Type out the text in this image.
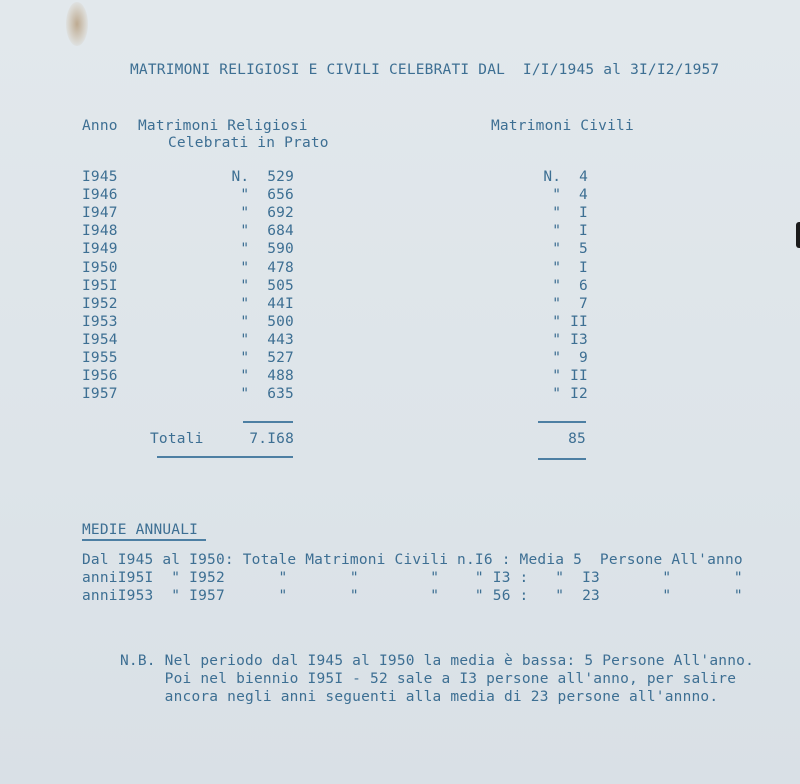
MATRIMONI RELIGIOSI E CIVILI CELEBRATI DAL  I/I/1945 al 3I/I2/1957
Anno Matrimoni Religiosi
Celebrati in Prato
Matrimoni Civili
I945	N.  529	N.  4
I946	"  656	"  4
I947	"  692	"  I
I948	"  684	"  I
I949	"  590	"  5
I950	"  478	"  I
I95I	"  505	"  6
I952	"  44I	"  7
I953	"  500	" II
I954	"  443	" I3
I955	"  527	"  9
I956	"  488	" II
I957	"  635	" I2
Totali	7.I68	85
MEDIE ANNUALI
Dal I945 al I950: Totale Matrimoni Civili n.I6 : Media 5  Persone All'anno
anniI95I  " I952      "       "        "    " I3 :   "  I3       "       "
anniI953  " I957      "       "        "    " 56 :   "  23       "       "
N.B. Nel periodo dal I945 al I950 la media è bassa: 5 Persone All'anno.
Poi nel biennio I95I - 52 sale a I3 persone all'anno, per salire
ancora negli anni seguenti alla media di 23 persone all'annno.
